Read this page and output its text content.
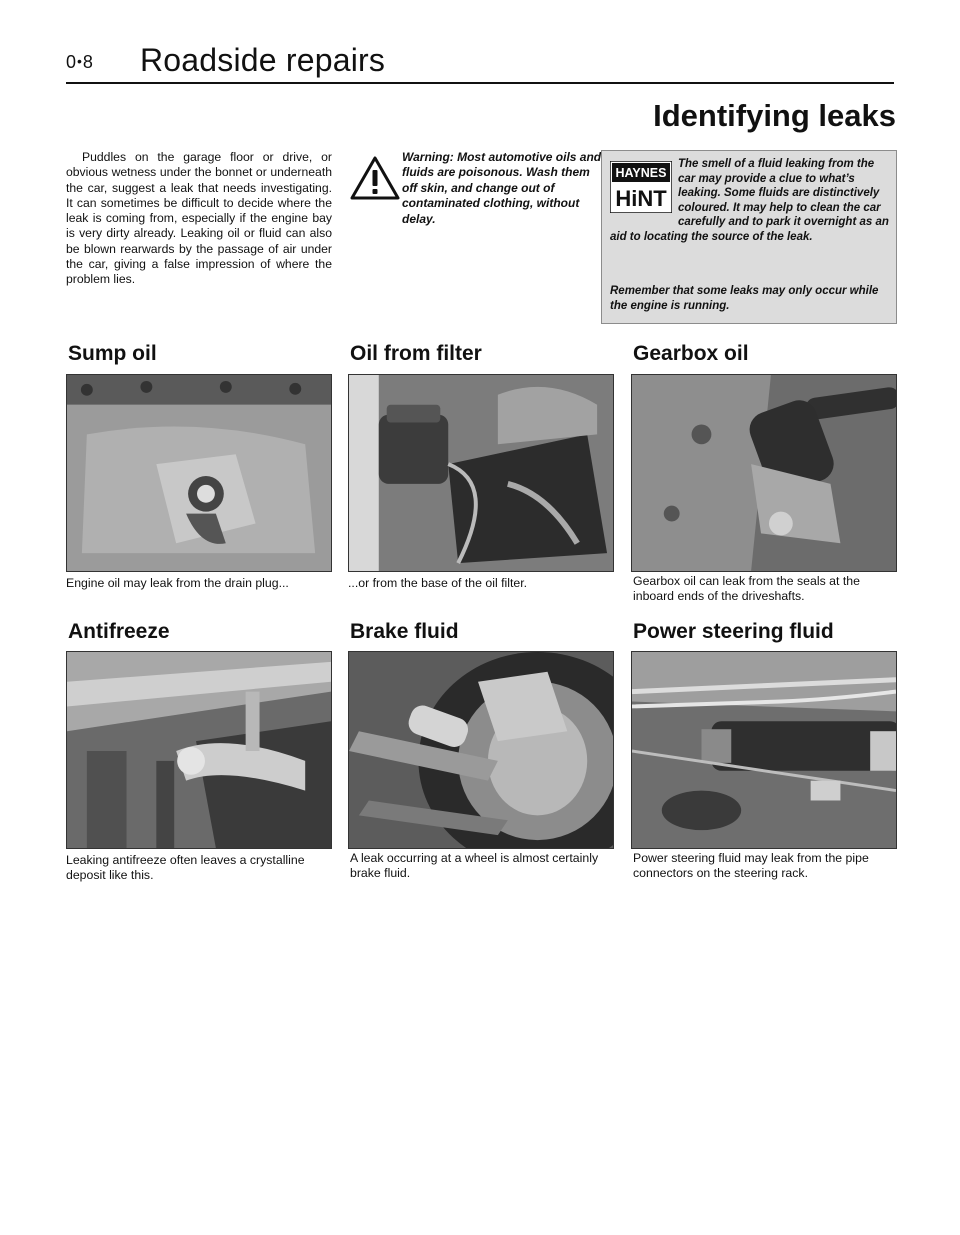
0•8 Roadside repairs
Identifying leaks

Puddles on the garage floor or drive, or obvious wetness under the bonnet or underneath the car, suggest a leak that needs investigating. It can sometimes be difficult to decide where the leak is coming from, especially if the engine bay is very dirty already. Leaking oil or fluid can also be blown rearwards by the passage of air under the car, giving a false impression of where the problem lies.

Warning: Most automotive oils and fluids are poisonous. Wash them off skin, and change out of contaminated clothing, without delay.

HAYNES
HiNT

The smell of a fluid leaking from the car may provide a clue to what’s leaking. Some fluids are distinctively coloured. It may help to clean the car carefully and to park it overnight as an aid to locating the source of the leak.

Remember that some leaks may only occur while the engine is running.

Sump oil	Oil from filter	Gearbox oil

Engine oil may leak from the drain plug...	...or from the base of the oil filter.	Gearbox oil can leak from the seals at the inboard ends of the driveshafts.

Antifreeze	Brake fluid	Power steering fluid

Leaking antifreeze often leaves a crystalline deposit like this.

A leak occurring at a wheel is almost certainly brake fluid.

Power steering fluid may leak from the pipe connectors on the steering rack.
